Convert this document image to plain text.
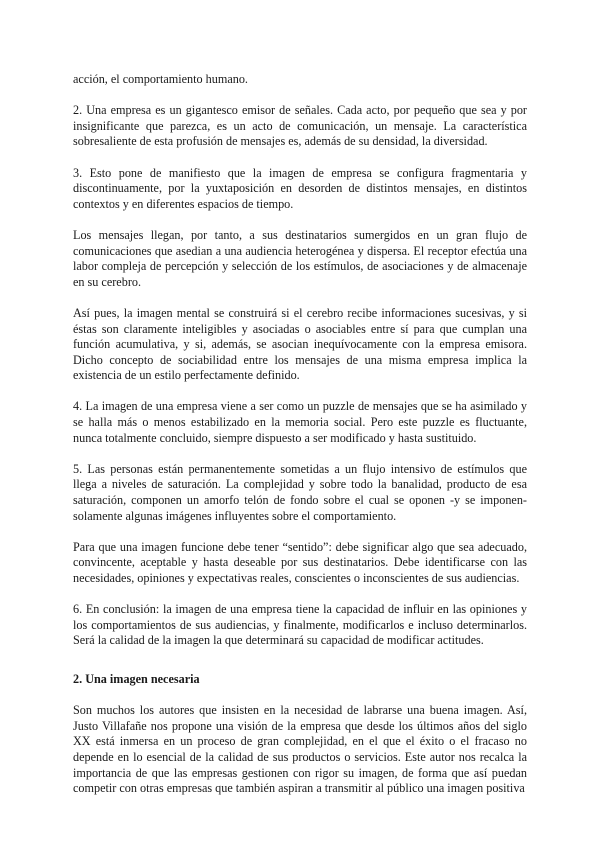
acción, el comportamiento humano.

2. Una empresa es un gigantesco emisor de señales. Cada acto, por pequeño que sea y por insignificante que parezca, es un acto de comunicación, un mensaje. La característica sobresaliente de esta profusión de mensajes es, además de su densidad, la diversidad.

3. Esto pone de manifiesto que la imagen de empresa se configura fragmentaria y discontinuamente, por la yuxtaposición en desorden de distintos mensajes, en distintos contextos y en diferentes espacios de tiempo.

Los mensajes llegan, por tanto, a sus destinatarios sumergidos en un gran flujo de comunicaciones que asedian a una audiencia heterogénea y dispersa. El receptor efectúa una labor compleja de percepción y selección de los estímulos, de asociaciones y de almacenaje en su cerebro.

Así pues, la imagen mental se construirá si el cerebro recibe informaciones sucesivas, y si éstas son claramente inteligibles y asociadas o asociables entre sí para que cumplan una función acumulativa, y si, además, se asocian inequívocamente con la empresa emisora. Dicho concepto de sociabilidad entre los mensajes de una misma empresa implica la existencia de un estilo perfectamente definido.

4. La imagen de una empresa viene a ser como un puzzle de mensajes que se ha asimilado y se halla más o menos estabilizado en la memoria social. Pero este puzzle es fluctuante, nunca totalmente concluido, siempre dispuesto a ser modificado y hasta sustituido.

5. Las personas están permanentemente sometidas a un flujo intensivo de estímulos que llega a niveles de saturación. La complejidad y sobre todo la banalidad, producto de esa saturación, componen un amorfo telón de fondo sobre el cual se oponen -y se imponen- solamente algunas imágenes influyentes sobre el comportamiento.

Para que una imagen funcione debe tener “sentido”: debe significar algo que sea adecuado, convincente, aceptable y hasta deseable por sus destinatarios. Debe identificarse con las necesidades, opiniones y expectativas reales, conscientes o inconscientes de sus audiencias.

6. En conclusión: la imagen de una empresa tiene la capacidad de influir en las opiniones y los comportamientos de sus audiencias, y finalmente, modificarlos e incluso determinarlos. Será la calidad de la imagen la que determinará su capacidad de modificar actitudes.

2. Una imagen necesaria

Son muchos los autores que insisten en la necesidad de labrarse una buena imagen. Así, Justo Villafañe nos propone una visión de la empresa que desde los últimos años del siglo XX está inmersa en un proceso de gran complejidad, en el que el éxito o el fracaso no depende en lo esencial de la calidad de sus productos o servicios. Este autor nos recalca la importancia de que las empresas gestionen con rigor su imagen, de forma que así puedan competir con otras empresas que también aspiran a transmitir al público una imagen positiva
